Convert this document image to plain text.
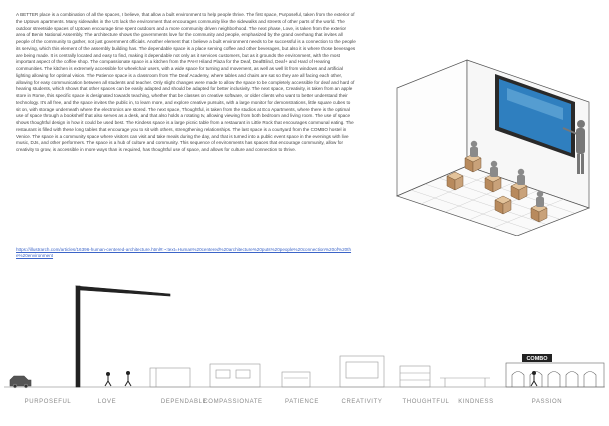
A BETTER place is a combination of all the spaces, I believe, that allow a built environment to help people thrive. The first space, Purposeful, taken from the exterior of the Uptown apartments. Many sidewalks in the US lack the environment that encourages community like the sidewalks and streets of other parts of the world. The outdoor streetside spaces of Uptown encourage time spent outdoors and a more community driven neighborhood. The next phase, Love, is taken from the exterior area of Benin National Assembly. The architecture shows the governments love for the community and people, emphasized by the grand overhang that invites all people of the community to gather, not just government officials. Another element that I believe a built environment needs to be successful is a connection to the people its serving, which this element of the assembly building has. The dependable space is a place serving coffee and other beverages, but also it is where those beverages are being made. It is centrally located and easy to find, making it dependable not only as it services customers, but as it grounds the environment, with the most important aspect of the coffee shop. The compassionate space is a kitchen from the PAH! Hiland Plaza for the Deaf, DeafBlind, Deaf+ and Hard of Hearing communities. The kitchen is extremely accessible for wheelchair users, with a wide space for turning and movement, as well as well lit from windows and artificial lighting allowing for optimal vision. The Patience space is a classroom from The Deaf Academy, where tables and chairs are sat so they are all facing each other, allowing for easy communication between all students and teacher. Only slight changes were made to allow the space to be completely accessible for deaf and hard of hearing students, which shows that other spaces can be easily adapted and should be adapted for better inclusivity. The next space, Creativity, is taken from an apple store in Rome, this specific space is designated towards teaching, whether that be classes on creative software, or older clients who want to better understand their technology. It's all free, and the space invites the public in, to learn more, and explore creative pursuits, with a large monitor for demonstrations, little square cubes to sit on, with storage underneath where the electronics are stored. The next space, Thoughtful, is taken from the studios at Eco Apartments, where there is the optimal use of space through a bookshelf that also serves as a desk, and that also holds a rotating tv, allowing viewing from both bedroom and living room. The use of space shows thoughtful design in how it could be used best. The Kindess space is a large picnic table from a restaurant in Little Rock that encourages communal eating. The restaurant is filled with these long tables that encourage you to sit with others, strengthening relationships. The last space is a courtyard from the COMBO hostel in Venice. The space is a community space where visitors can visit and take meals during the day, and that is turned into a public event space in the evenings with live music, DJs, and other performers. The space is a hub of culture and community. This sequence of environments has spaces that encourage community, allow for creativity to grow, is accessible in more ways than is required, has thoughtful use of space, and allows for culture and connection to thrive.
https://illustrarch.com/articles/16396-human-centered-architecture.html#:~:text=Human%20centered%20architecture%20puts%20people%20connection%20of%20the%20environment
COMBO
PURPOSEFUL	LOVE	DEPENDABLE
COMPASSIONATE	PATIENCE	CREATIVITY	THOUGHTFUL KINDNESS	PASSION
